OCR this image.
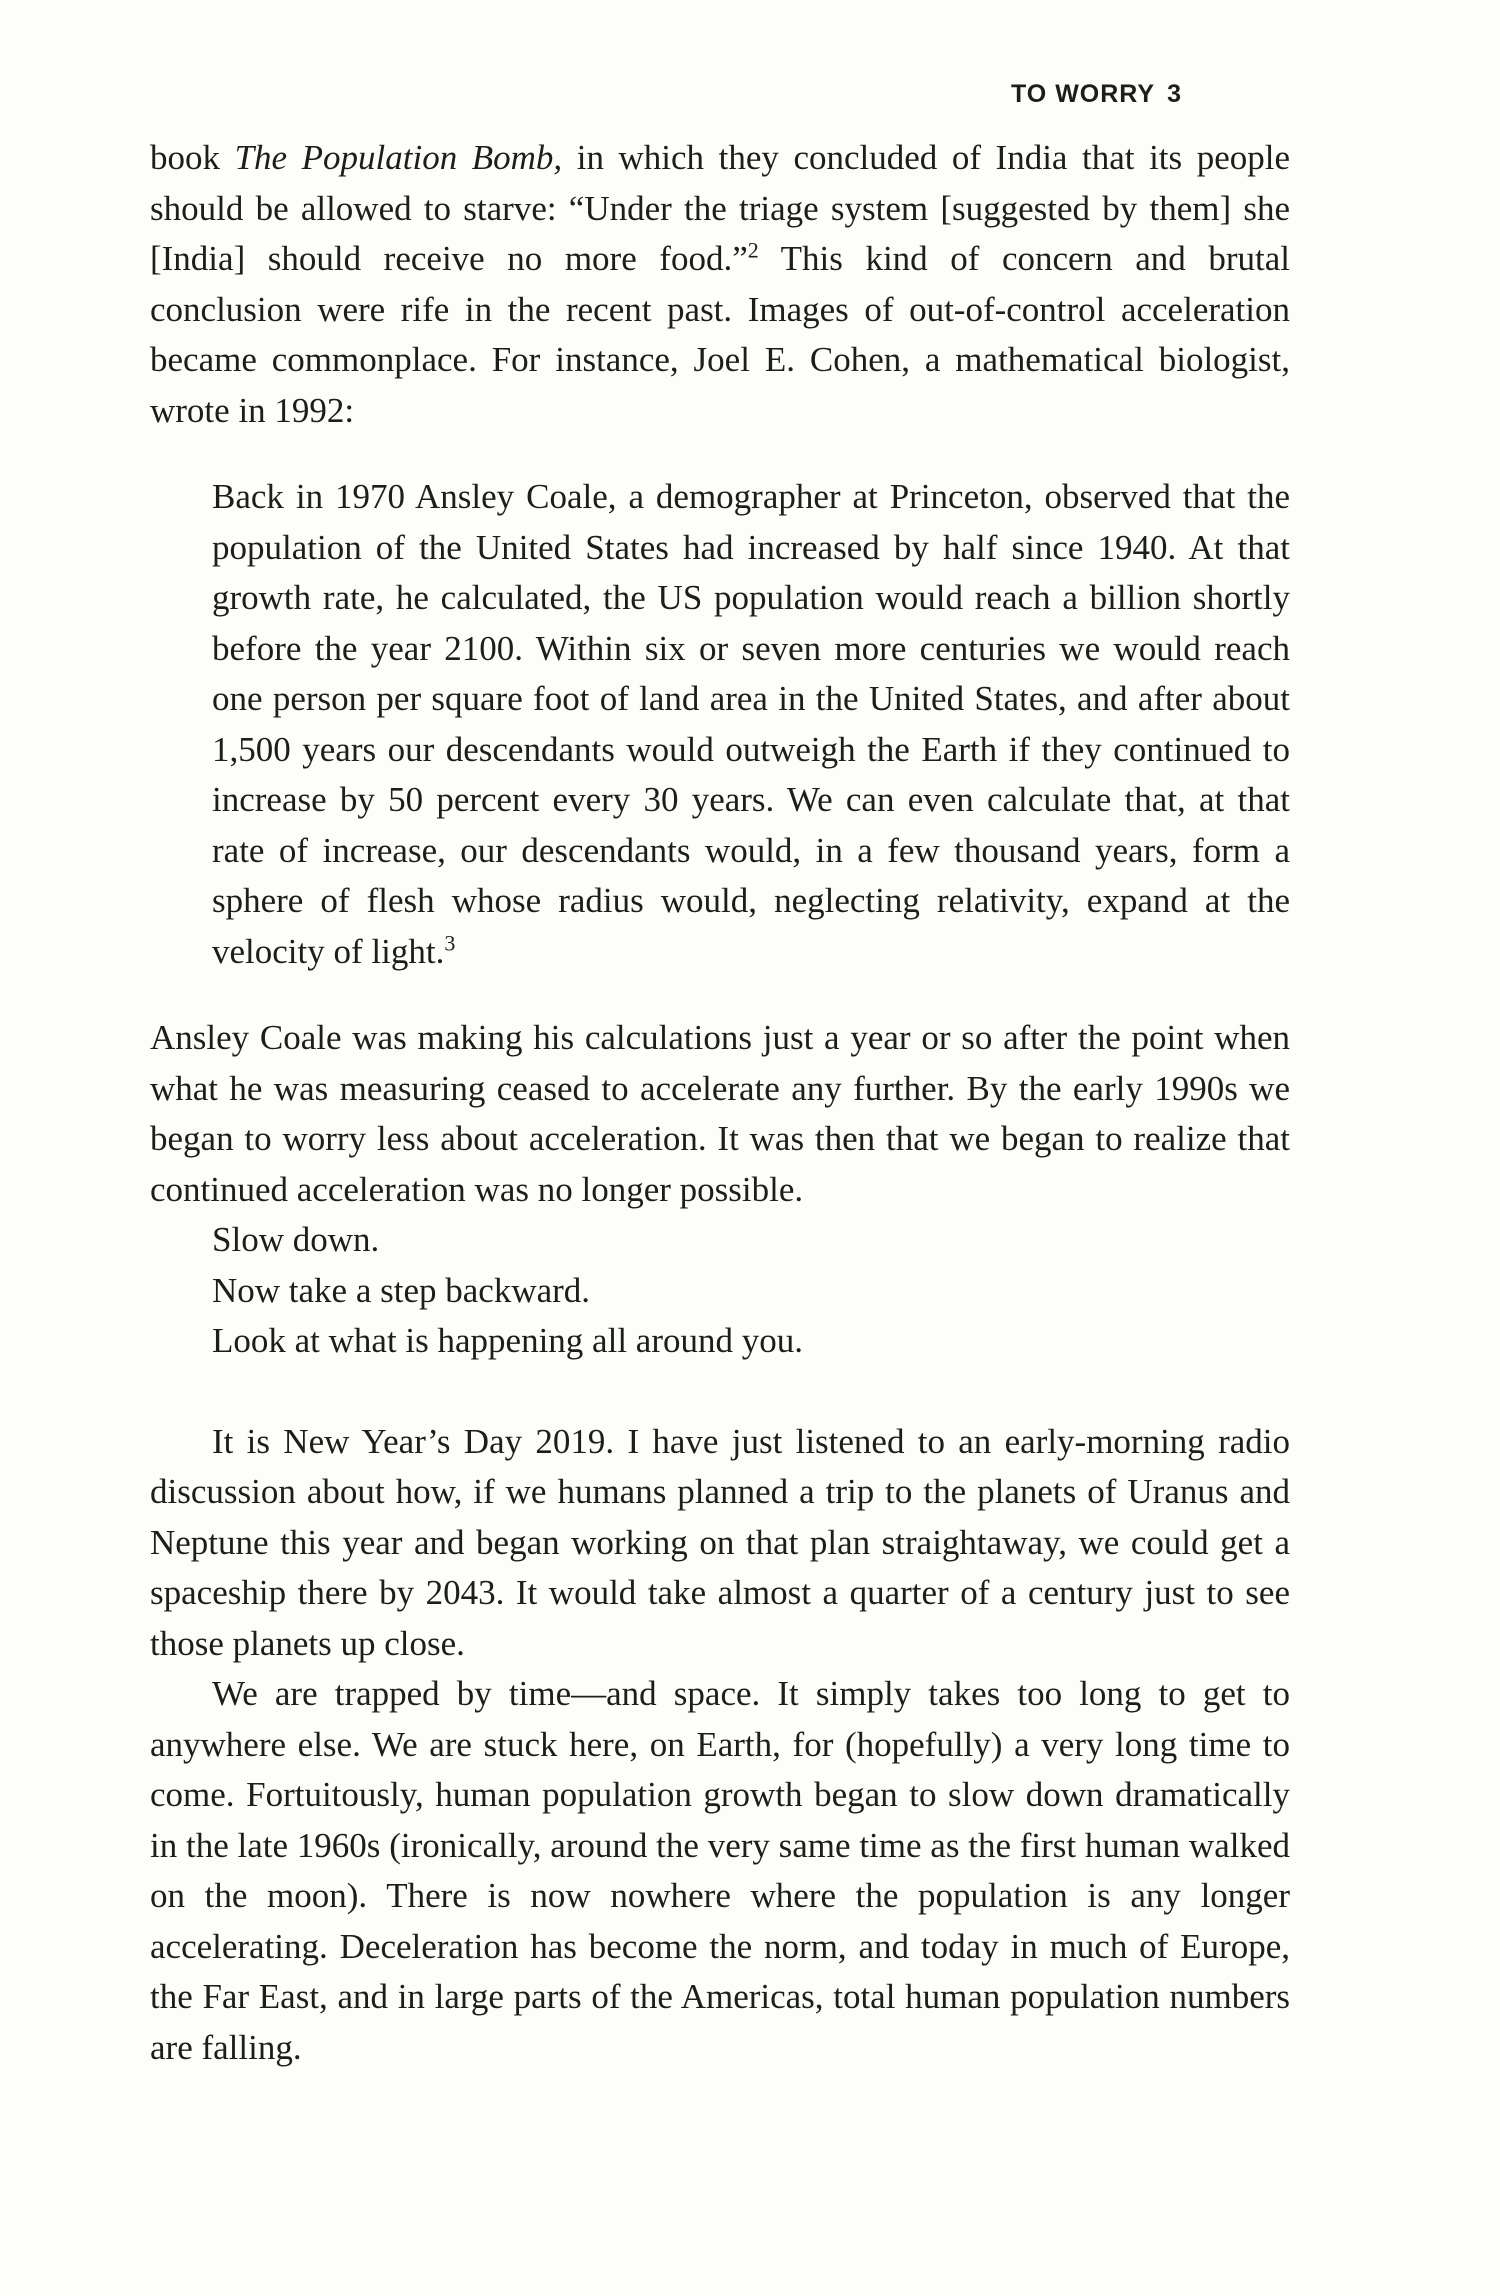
TO WORRY 3

book The Population Bomb, in which they concluded of India that its people should be allowed to starve: “Under the triage system [suggested by them] she [India] should receive no more food.”$^2$ This kind of concern and brutal conclusion were rife in the recent past. Images of out-of-control acceleration became commonplace. For instance, Joel E. Cohen, a mathematical biologist, wrote in 1992:

Back in 1970 Ansley Coale, a demographer at Princeton, observed that the population of the United States had increased by half since 1940. At that growth rate, he calculated, the US population would reach a billion shortly before the year 2100. Within six or seven more centuries we would reach one person per square foot of land area in the United States, and after about 1,500 years our descendants would outweigh the Earth if they continued to increase by 50 percent every 30 years. We can even calculate that, at that rate of increase, our descendants would, in a few thousand years, form a sphere of flesh whose radius would, neglecting relativity, expand at the velocity of light.$^3$

Ansley Coale was making his calculations just a year or so after the point when what he was measuring ceased to accelerate any further. By the early 1990s we began to worry less about acceleration. It was then that we began to realize that continued acceleration was no longer possible.

Slow down.

Now take a step backward.

Look at what is happening all around you.

It is New Year’s Day 2019. I have just listened to an early-morning radio discussion about how, if we humans planned a trip to the planets of Uranus and Neptune this year and began working on that plan straightaway, we could get a spaceship there by 2043. It would take almost a quarter of a century just to see those planets up close.

We are trapped by time—and space. It simply takes too long to get to anywhere else. We are stuck here, on Earth, for (hopefully) a very long time to come. Fortuitously, human population growth began to slow down dramatically in the late 1960s (ironically, around the very same time as the first human walked on the moon). There is now nowhere where the population is any longer accelerating. Deceleration has become the norm, and today in much of Europe, the Far East, and in large parts of the Americas, total human population numbers are falling.
